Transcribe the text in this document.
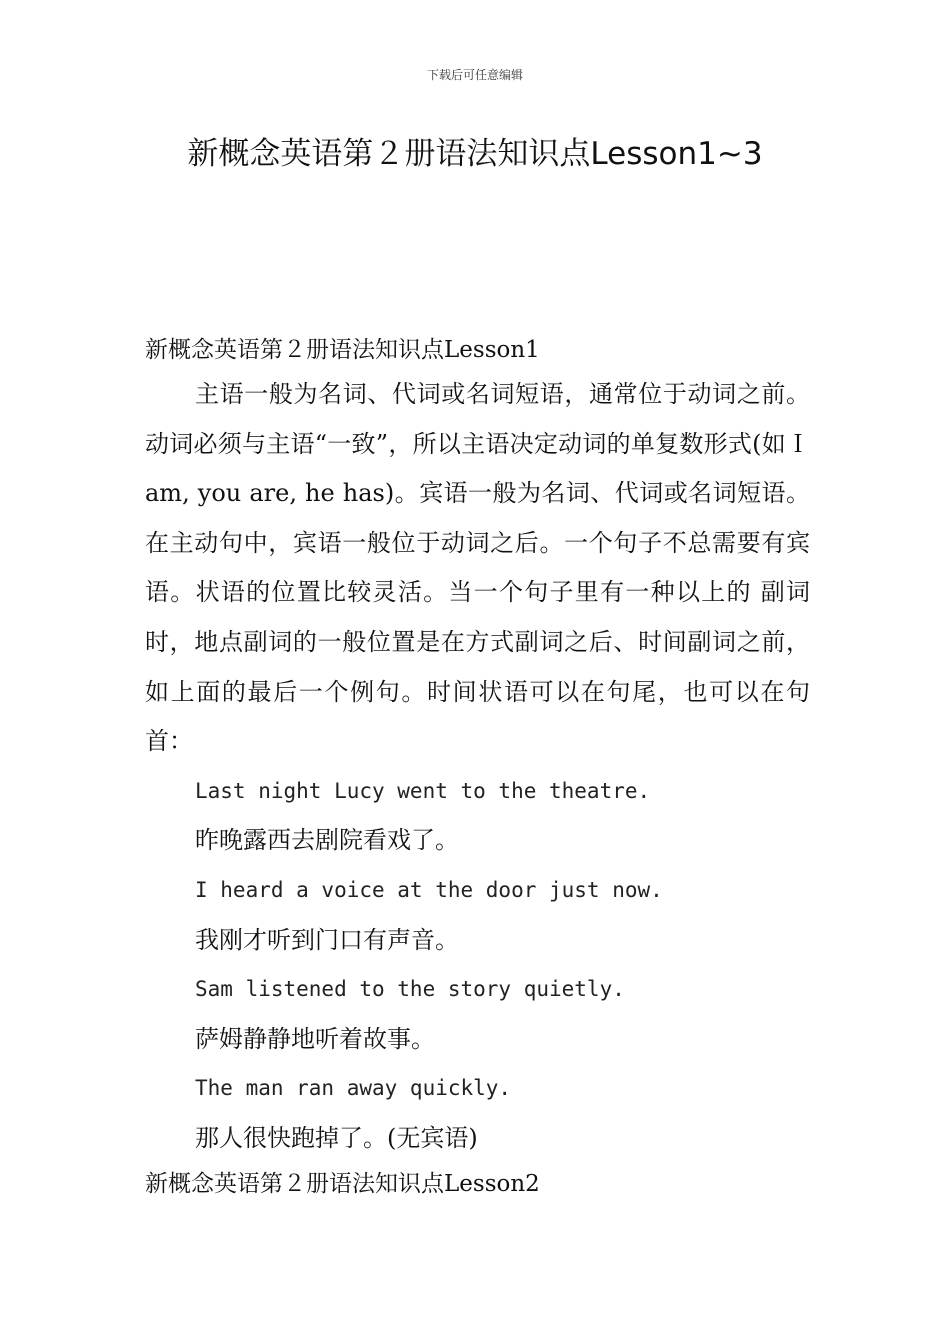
下载后可任意编辑
新概念英语第２册语法知识点Lesson1~3
新概念英语第２册语法知识点Lesson1

主语一般为名词、代词或名词短语，通常位于动词之前。动词必须与主语“一致”，所以主语决定动词的单复数形式(如Ｉ am, you are, he has)。宾语一般为名词、代词或名词短语。在主动句中，宾语一般位于动词之后。一个句子不总需要有宾语。状语的位置比较灵活。当一个句子里有一种以上的 副词时，地点副词的一般位置是在方式副词之后、时间副词之前，如上面的最后一个例句。时间状语可以在句尾，也可以在句首：

Last night Lucy went to the theatre.
昨晚露西去剧院看戏了。
I heard a voice at the door just now.
我刚才听到门口有声音。
Sam listened to the story quietly.
萨姆静静地听着故事。
The man ran away quickly.
那人很快跑掉了。(无宾语)
新概念英语第２册语法知识点Lesson2
